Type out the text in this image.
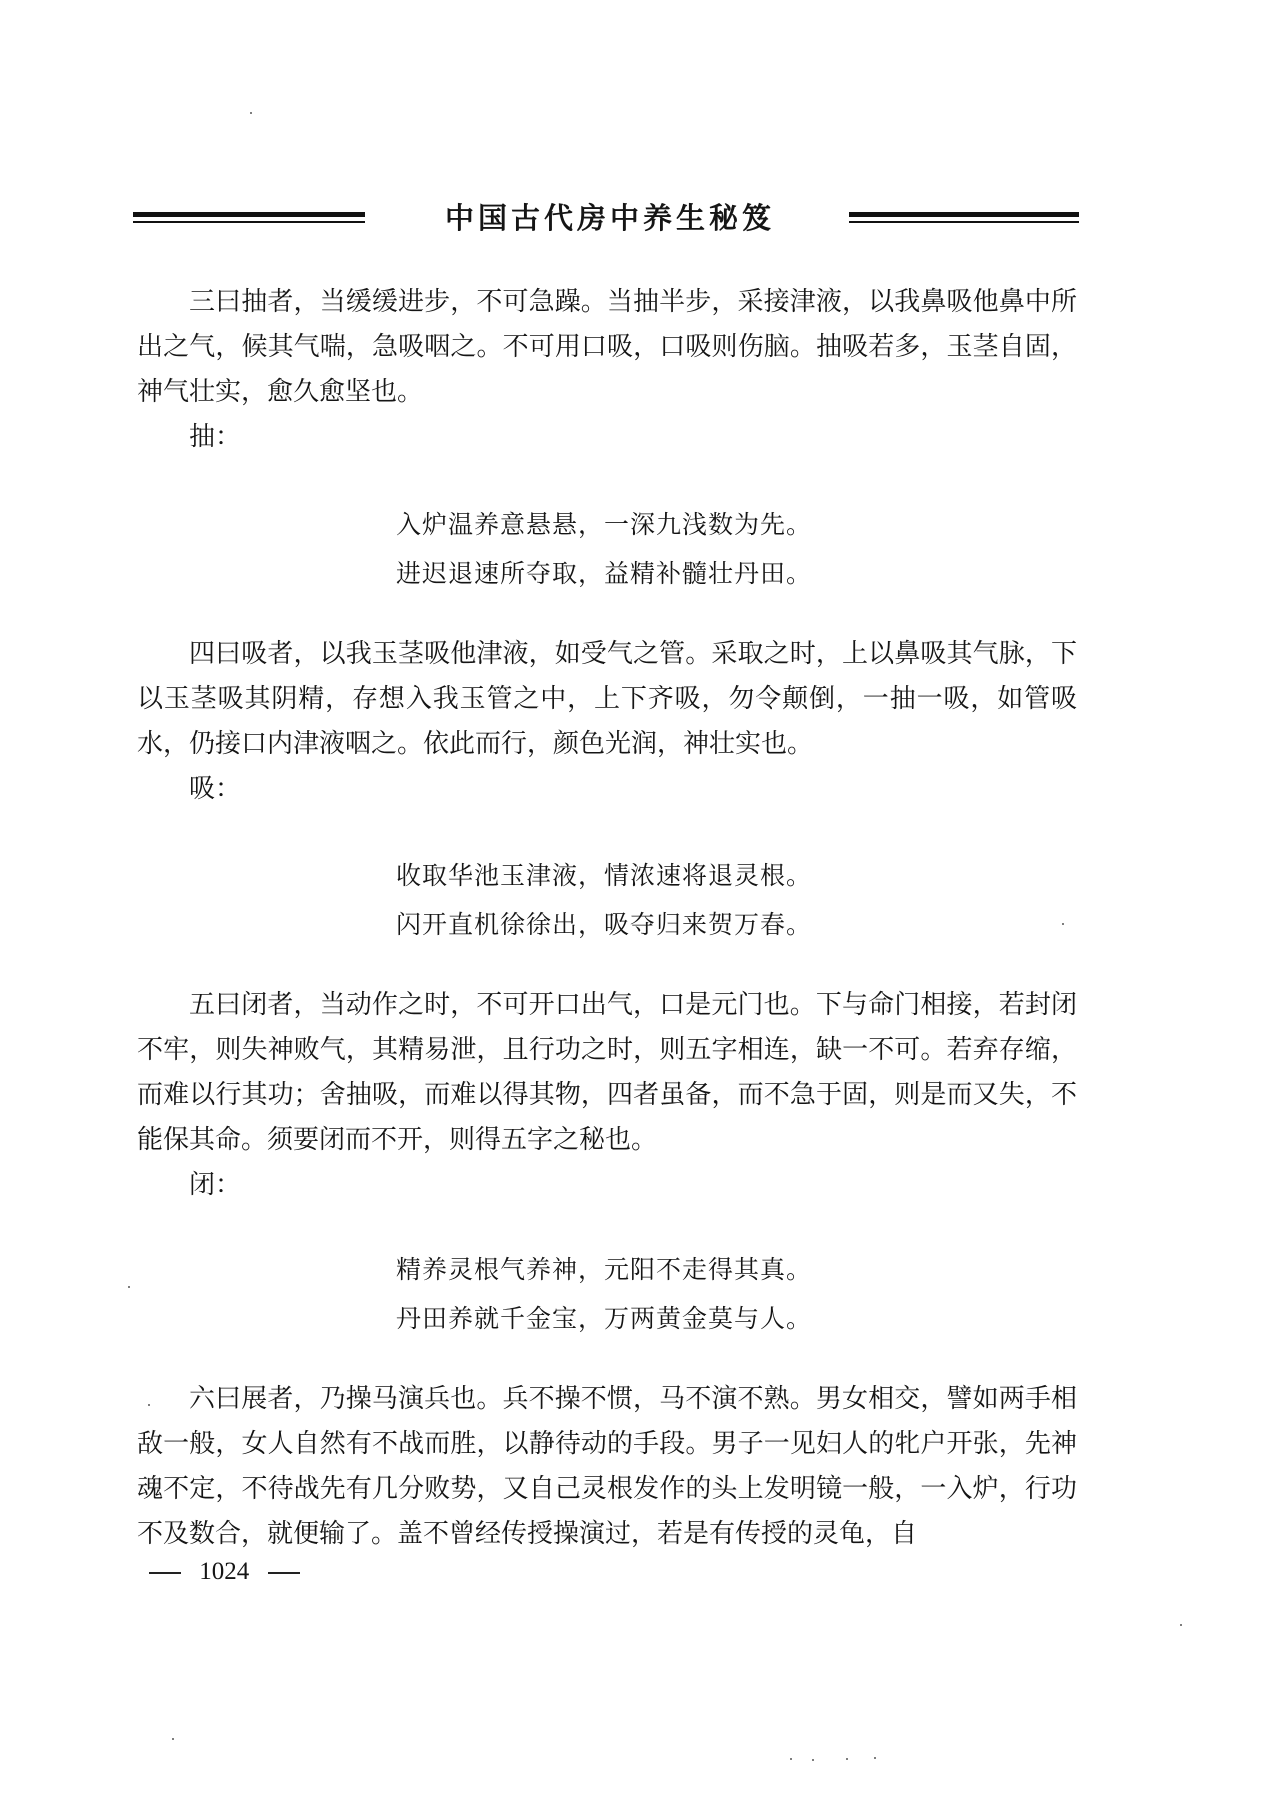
中国古代房中养生秘笈

三曰抽者，当缓缓进步，不可急躁。当抽半步，采接津液，以我鼻吸他鼻中所出之气，候其气喘，急吸咽之。不可用口吸，口吸则伤脑。抽吸若多，玉茎自固，神气壮实，愈久愈坚也。

抽：

入炉温养意悬悬，一深九浅数为先。
进迟退速所夺取，益精补髓壮丹田。

四曰吸者，以我玉茎吸他津液，如受气之管。采取之时，上以鼻吸其气脉，下以玉茎吸其阴精，存想入我玉管之中，上下齐吸，勿令颠倒，一抽一吸，如管吸水，仍接口内津液咽之。依此而行，颜色光润，神壮实也。

吸：

收取华池玉津液，情浓速将退灵根。
闪开直机徐徐出，吸夺归来贺万春。

五曰闭者，当动作之时，不可开口出气，口是元门也。下与命门相接，若封闭不牢，则失神败气，其精易泄，且行功之时，则五字相连，缺一不可。若弃存缩，而难以行其功；舍抽吸，而难以得其物，四者虽备，而不急于固，则是而又失，不能保其命。须要闭而不开，则得五字之秘也。

闭：

精养灵根气养神，元阳不走得其真。
丹田养就千金宝，万两黄金莫与人。

六曰展者，乃操马演兵也。兵不操不惯，马不演不熟。男女相交，譬如两手相敌一般，女人自然有不战而胜，以静待动的手段。男子一见妇人的牝户开张，先神魂不定，不待战先有几分败势，又自己灵根发作的头上发明镜一般，一入炉，行功不及数合，就便输了。盖不曾经传授操演过，若是有传授的灵龟，自

1024
